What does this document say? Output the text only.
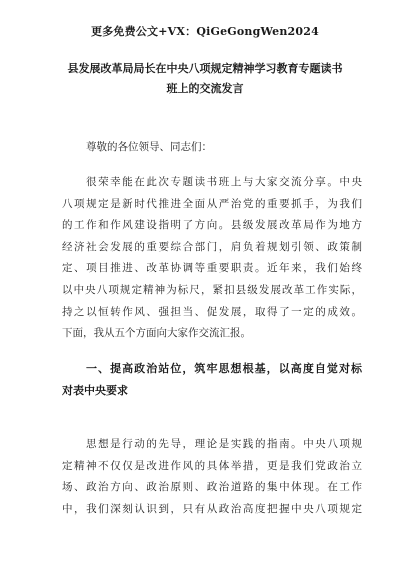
更多免费公文+VX：QiGeGongWen2024
县发展改革局局长在中央八项规定精神学习教育专题读书
班上的交流发言
尊敬的各位领导、同志们：
很荣幸能在此次专题读书班上与大家交流分享。中央
八项规定是新时代推进全面从严治党的重要抓手，为我们
的工作和作风建设指明了方向。县级发展改革局作为地方
经济社会发展的重要综合部门，肩负着规划引领、政策制
定、项目推进、改革协调等重要职责。近年来，我们始终
以中央八项规定精神为标尺，紧扣县级发展改革工作实际，
持之以恒转作风、强担当、促发展，取得了一定的成效。
下面，我从五个方面向大家作交流汇报。
一、提高政治站位，筑牢思想根基，以高度自觉对标
对表中央要求
思想是行动的先导，理论是实践的指南。中央八项规
定精神不仅仅是改进作风的具体举措，更是我们党政治立
场、政治方向、政治原则、政治道路的集中体现。在工作
中，我们深刻认识到，只有从政治高度把握中央八项规定
